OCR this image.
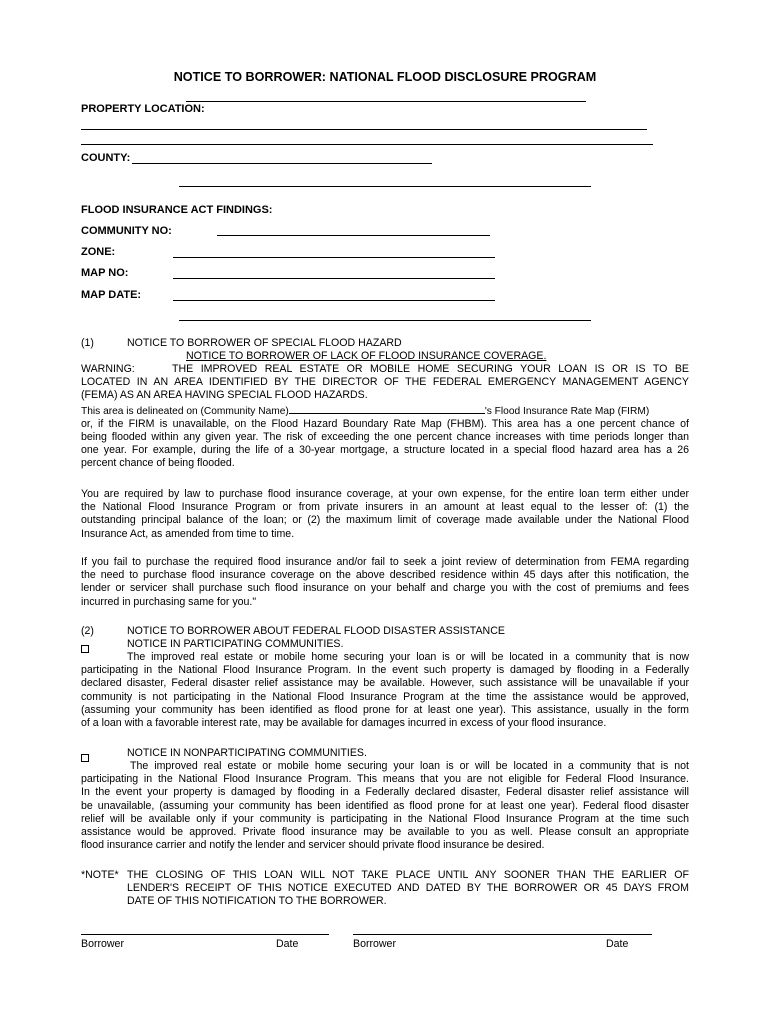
NOTICE TO BORROWER: NATIONAL FLOOD DISCLOSURE PROGRAM
PROPERTY LOCATION:
COUNTY:
FLOOD INSURANCE ACT FINDINGS:
COMMUNITY NO:
ZONE:
MAP NO:
MAP DATE:
(1)	NOTICE TO BORROWER OF SPECIAL FLOOD HAZARD
NOTICE TO BORROWER OF LACK OF FLOOD INSURANCE COVERAGE.
WARNING:	THE IMPROVED REAL ESTATE OR MOBILE HOME SECURING YOUR LOAN IS OR IS TO BE
LOCATED IN AN AREA IDENTIFIED BY THE DIRECTOR OF THE FEDERAL EMERGENCY MANAGEMENT AGENCY
(FEMA) AS AN AREA HAVING SPECIAL FLOOD HAZARDS.
This area is delineated on (Community Name)	's Flood Insurance Rate Map (FIRM)
or, if the FIRM is unavailable, on the Flood Hazard Boundary Rate Map (FHBM). This area has a one percent chance of
being flooded within any given year. The risk of exceeding the one percent chance increases with time periods longer than
one year. For example, during the life of a 30-year mortgage, a structure located in a special flood hazard area has a 26
percent chance of being flooded.
You are required by law to purchase flood insurance coverage, at your own expense, for the entire loan term either under
the National Flood Insurance Program or from private insurers in an amount at least equal to the lesser of: (1) the
outstanding principal balance of the loan; or (2) the maximum limit of coverage made available under the National Flood
Insurance Act, as amended from time to time.
If you fail to purchase the required flood insurance and/or fail to seek a joint review of determination from FEMA regarding
the need to purchase flood insurance coverage on the above described residence within 45 days after this notification, the
lender or servicer shall purchase such flood insurance on your behalf and charge you with the cost of premiums and fees
incurred in purchasing same for you."
(2)	NOTICE TO BORROWER ABOUT FEDERAL FLOOD DISASTER ASSISTANCE
NOTICE IN PARTICIPATING COMMUNITIES.
The improved real estate or mobile home securing your loan is or will be located in a community that is now
participating in the National Flood Insurance Program. In the event such property is damaged by flooding in a Federally
declared disaster, Federal disaster relief assistance may be available. However, such assistance will be unavailable if your
community is not participating in the National Flood Insurance Program at the time the assistance would be approved,
(assuming your community has been identified as flood prone for at least one year). This assistance, usually in the form
of a loan with a favorable interest rate, may be available for damages incurred in excess of your flood insurance.
NOTICE IN NONPARTICIPATING COMMUNITIES.
The improved real estate or mobile home securing your loan is or will be located in a community that is not
participating in the National Flood Insurance Program. This means that you are not eligible for Federal Flood Insurance.
In the event your property is damaged by flooding in a Federally declared disaster, Federal disaster relief assistance will
be unavailable, (assuming your community has been identified as flood prone for at least one year). Federal flood disaster
relief will be available only if your community is participating in the National Flood Insurance Program at the time such
assistance would be approved. Private flood insurance may be available to you as well. Please consult an appropriate
flood insurance carrier and notify the lender and servicer should private flood insurance be desired.
*NOTE* THE CLOSING OF THIS LOAN WILL NOT TAKE PLACE UNTIL ANY SOONER THAN THE EARLIER OF
LENDER'S RECEIPT OF THIS NOTICE EXECUTED AND DATED BY THE BORROWER OR 45 DAYS FROM
DATE OF THIS NOTIFICATION TO THE BORROWER.
Borrower	Date	Borrower	Date
